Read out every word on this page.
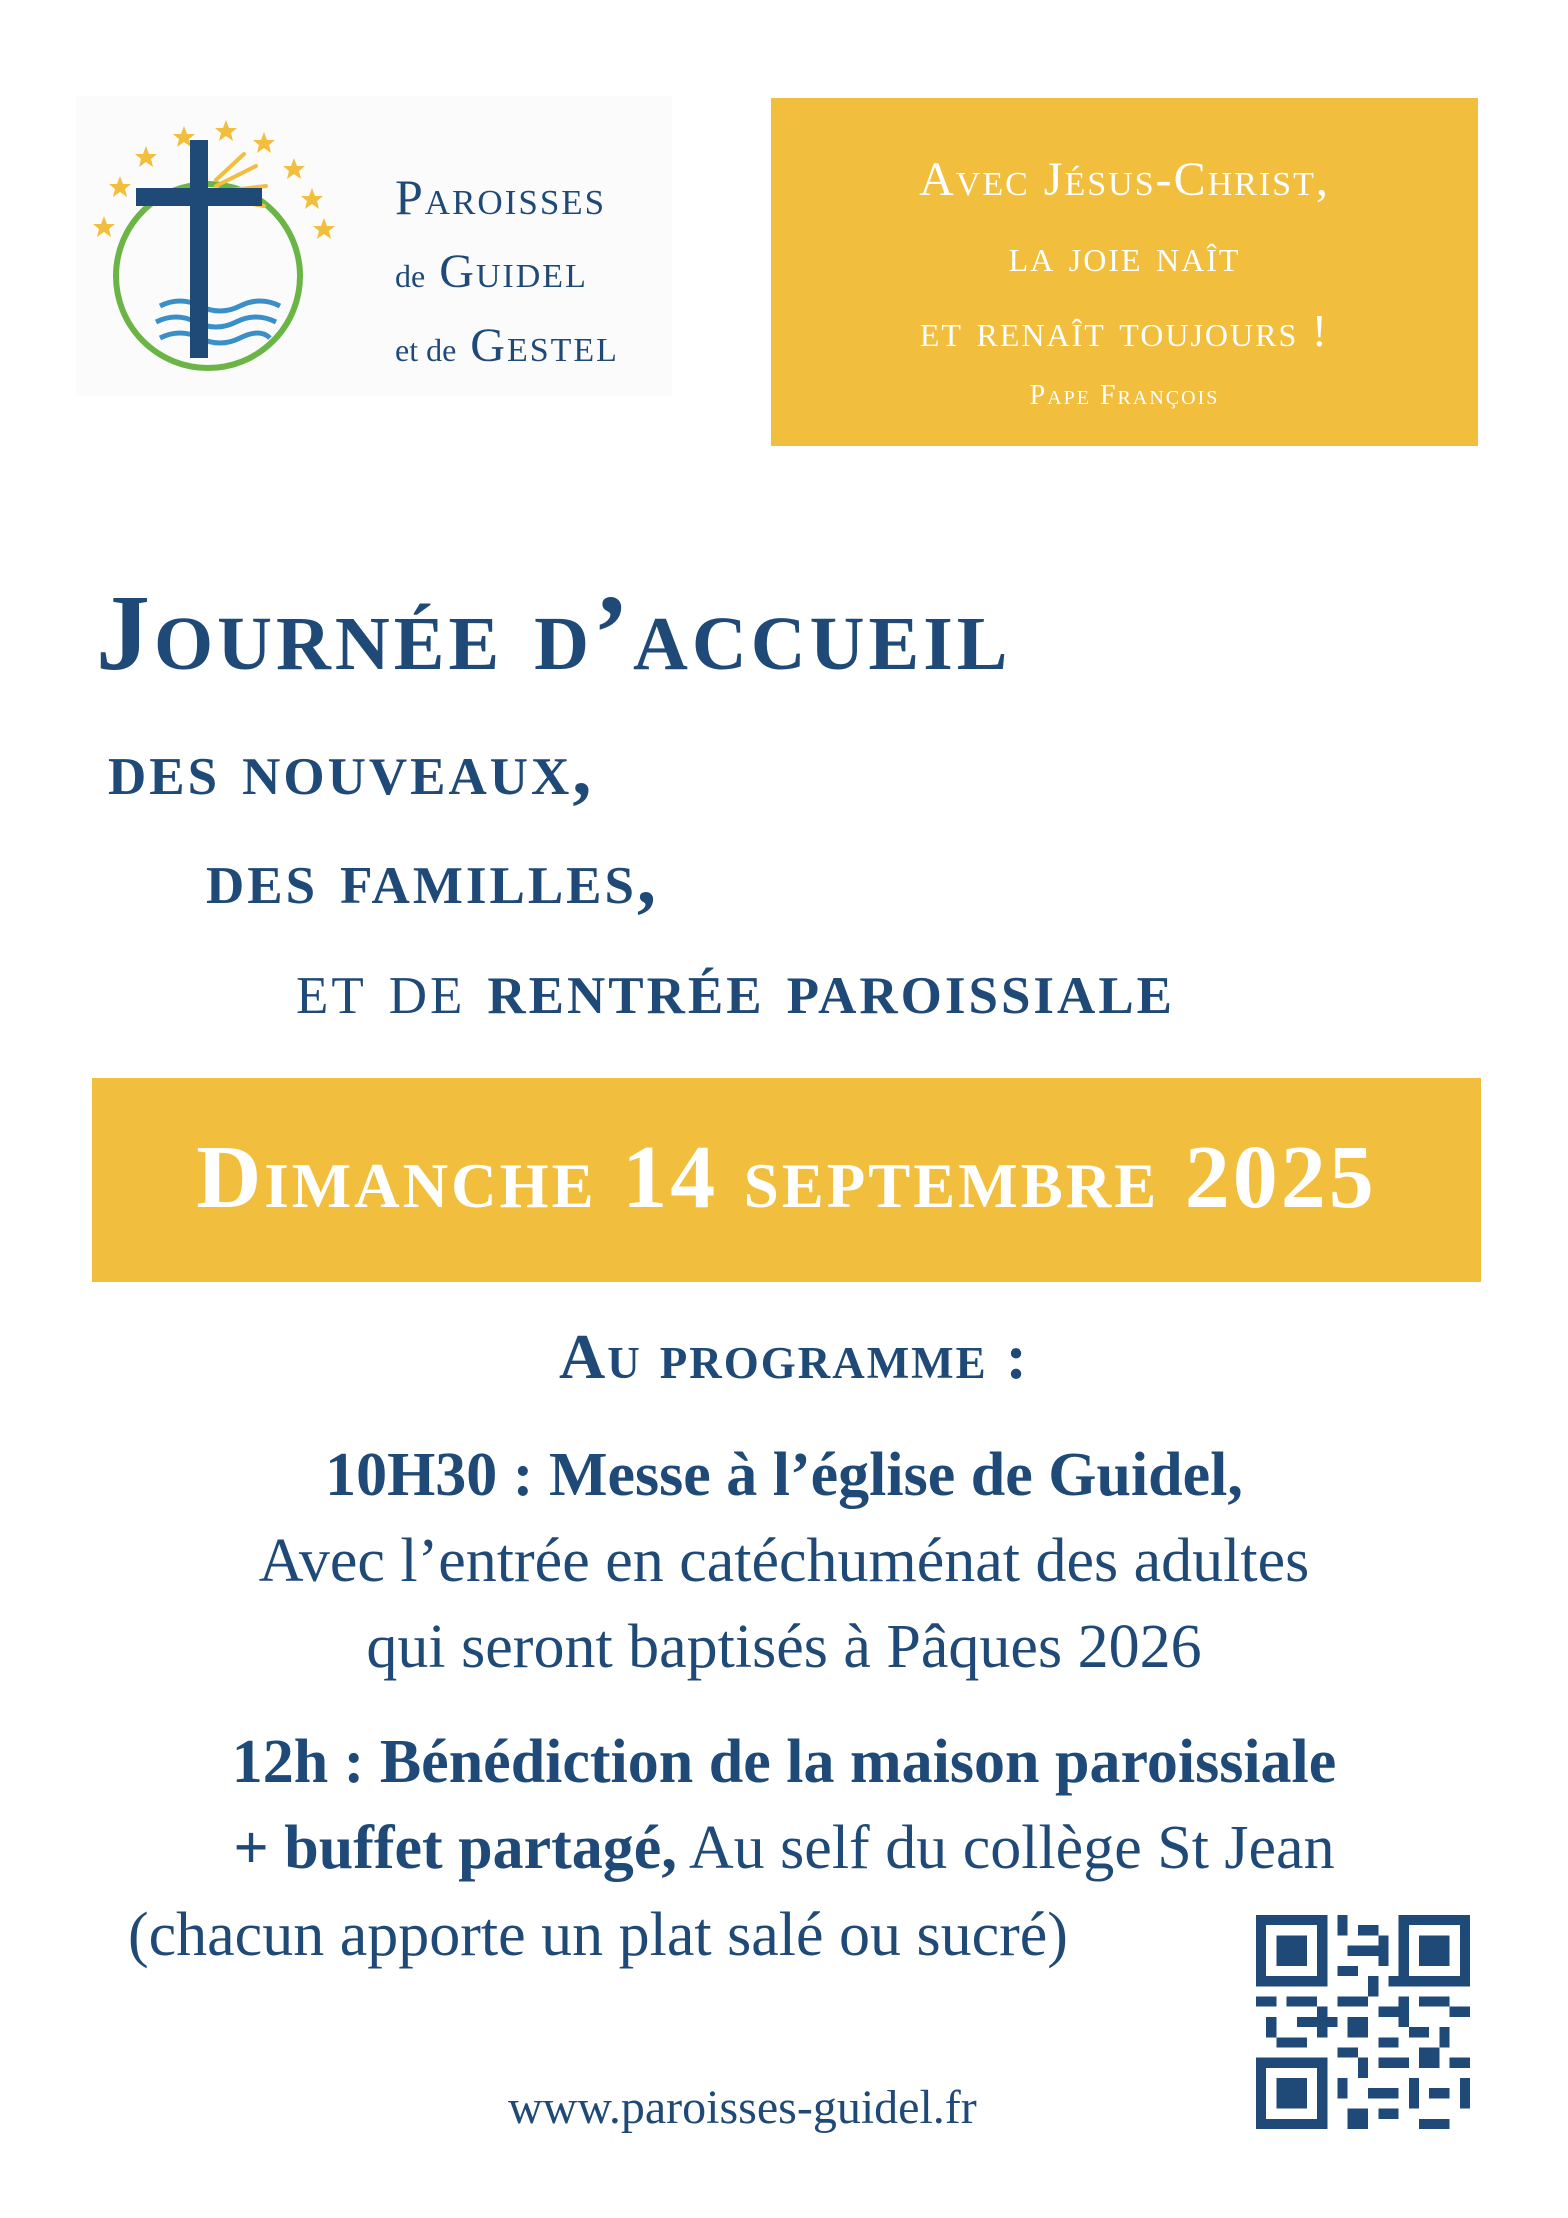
Paroisses
de Guidel
et de Gestel
Avec Jésus-Christ,
la joie naît
et renaît toujours !
Pape François
Journée d’accueil
des nouveaux,
des familles,
et de rentrée paroissiale
Dimanche 14 septembre 2025
Au programme :
10H30 : Messe à l’église de Guidel,
Avec l’entrée en catéchuménat des adultes
qui seront baptisés à Pâques 2026
12h : Bénédiction de la maison paroissiale
+ buffet partagé, Au self du collège St Jean
(chacun apporte un plat salé ou sucré)
www.paroisses-guidel.fr
